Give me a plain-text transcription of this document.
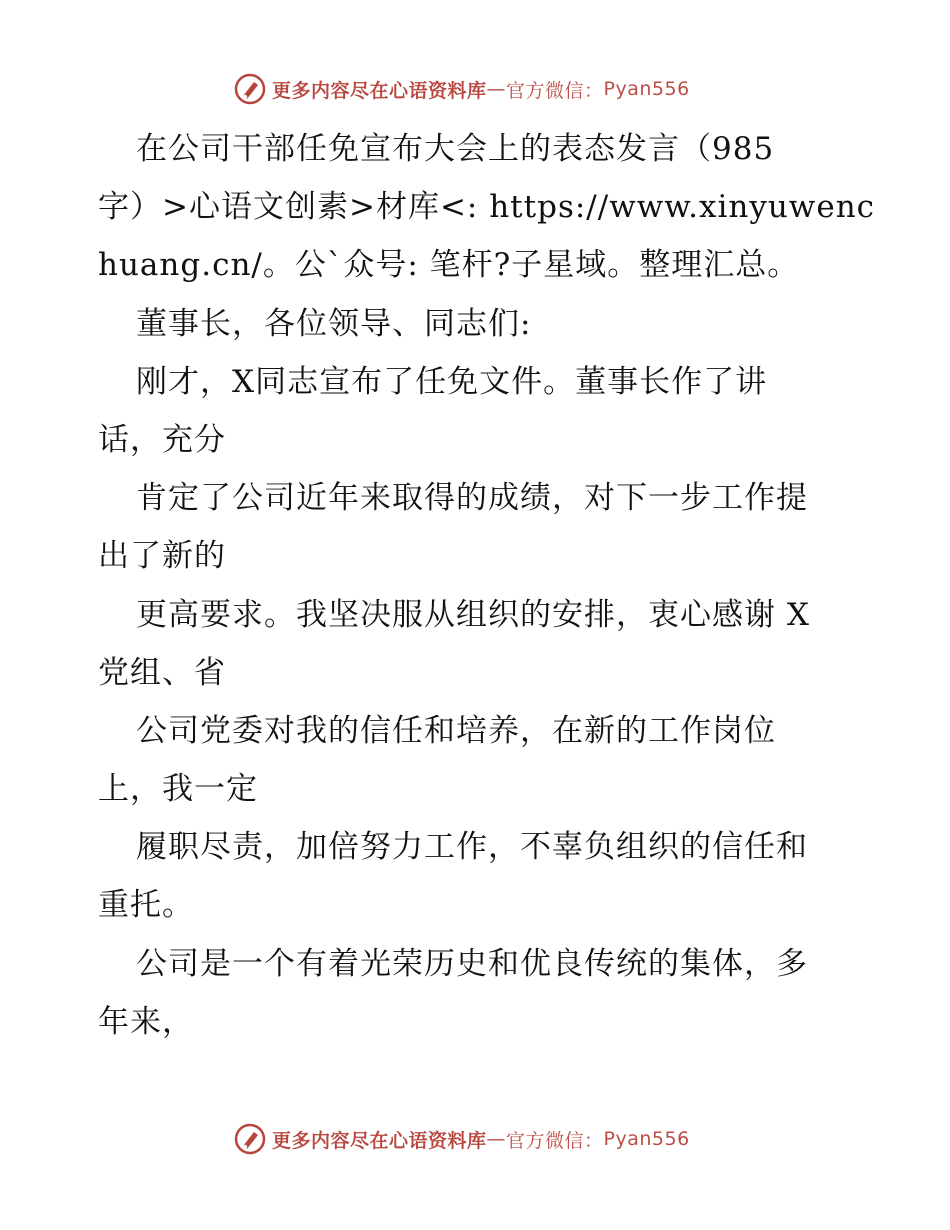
更多内容尽在心语资料库 — 官方微信： Pyan556
在公司干部任免宣布大会上的表态发言（985
字）>心语文创素>材库<: https://www.xinyuwenc
huang.cn/。公`众号: 笔杆?子星域。整理汇总。
董事长，各位领导、同志们:
刚才，X同志宣布了任免文件。董事长作了讲
话，充分
肯定了公司近年来取得的成绩，对下一步工作提
出了新的
更高要求。我坚决服从组织的安排，衷心感谢 X
党组、省
公司党委对我的信任和培养，在新的工作岗位
上，我一定
履职尽责，加倍努力工作，不辜负组织的信任和
重托。
公司是一个有着光荣历史和优良传统的集体，多
年来，
更多内容尽在心语资料库 — 官方微信： Pyan556
